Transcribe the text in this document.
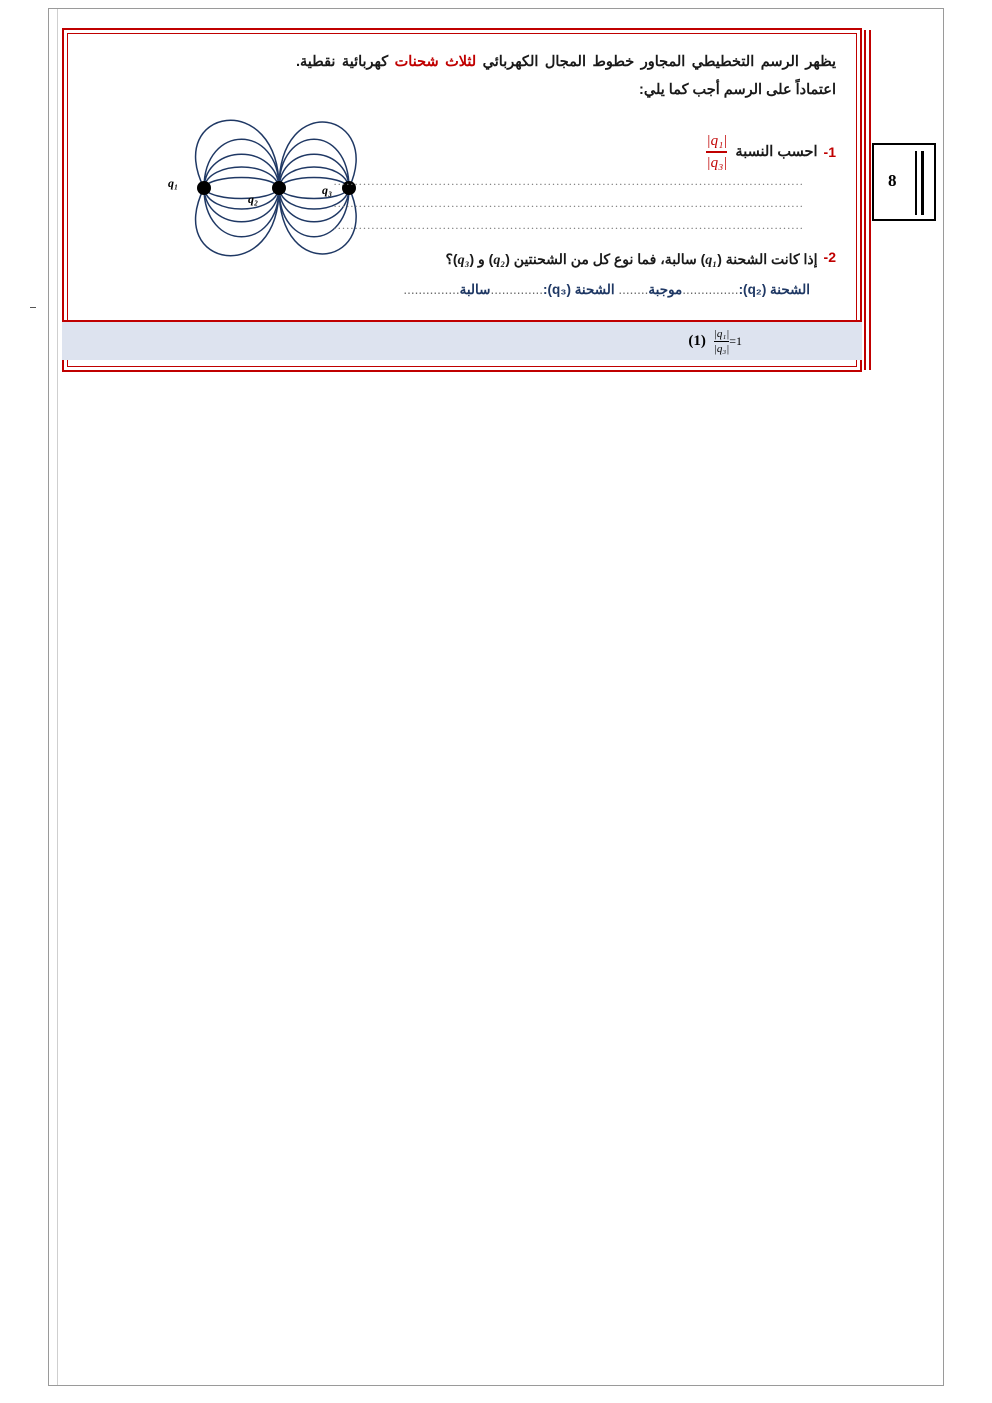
8
يظهر الرسم التخطيطي المجاور خطوط المجال الكهربائي لثلاث شحنات كهربائية نقطية. اعتماداً على الرسم أجب كما يلي:
q₁
q₂
q₃
1-
احسب النسبة
$\frac{\text{|q₁|}}{\text{|q₃|}}$
................................................................................................................
................................................................................................................
................................................................................................................
2-
إذا كانت الشحنة (q₁) سالبة، فما نوع كل من الشحنتين (q₂) و (q₃)؟
الشحنة (q₂):...............موجبة........ الشحنة (q₃):..............سالبة...............
$(1) \frac{\text{|q₁|}}{\text{|q₃|}} =1$
